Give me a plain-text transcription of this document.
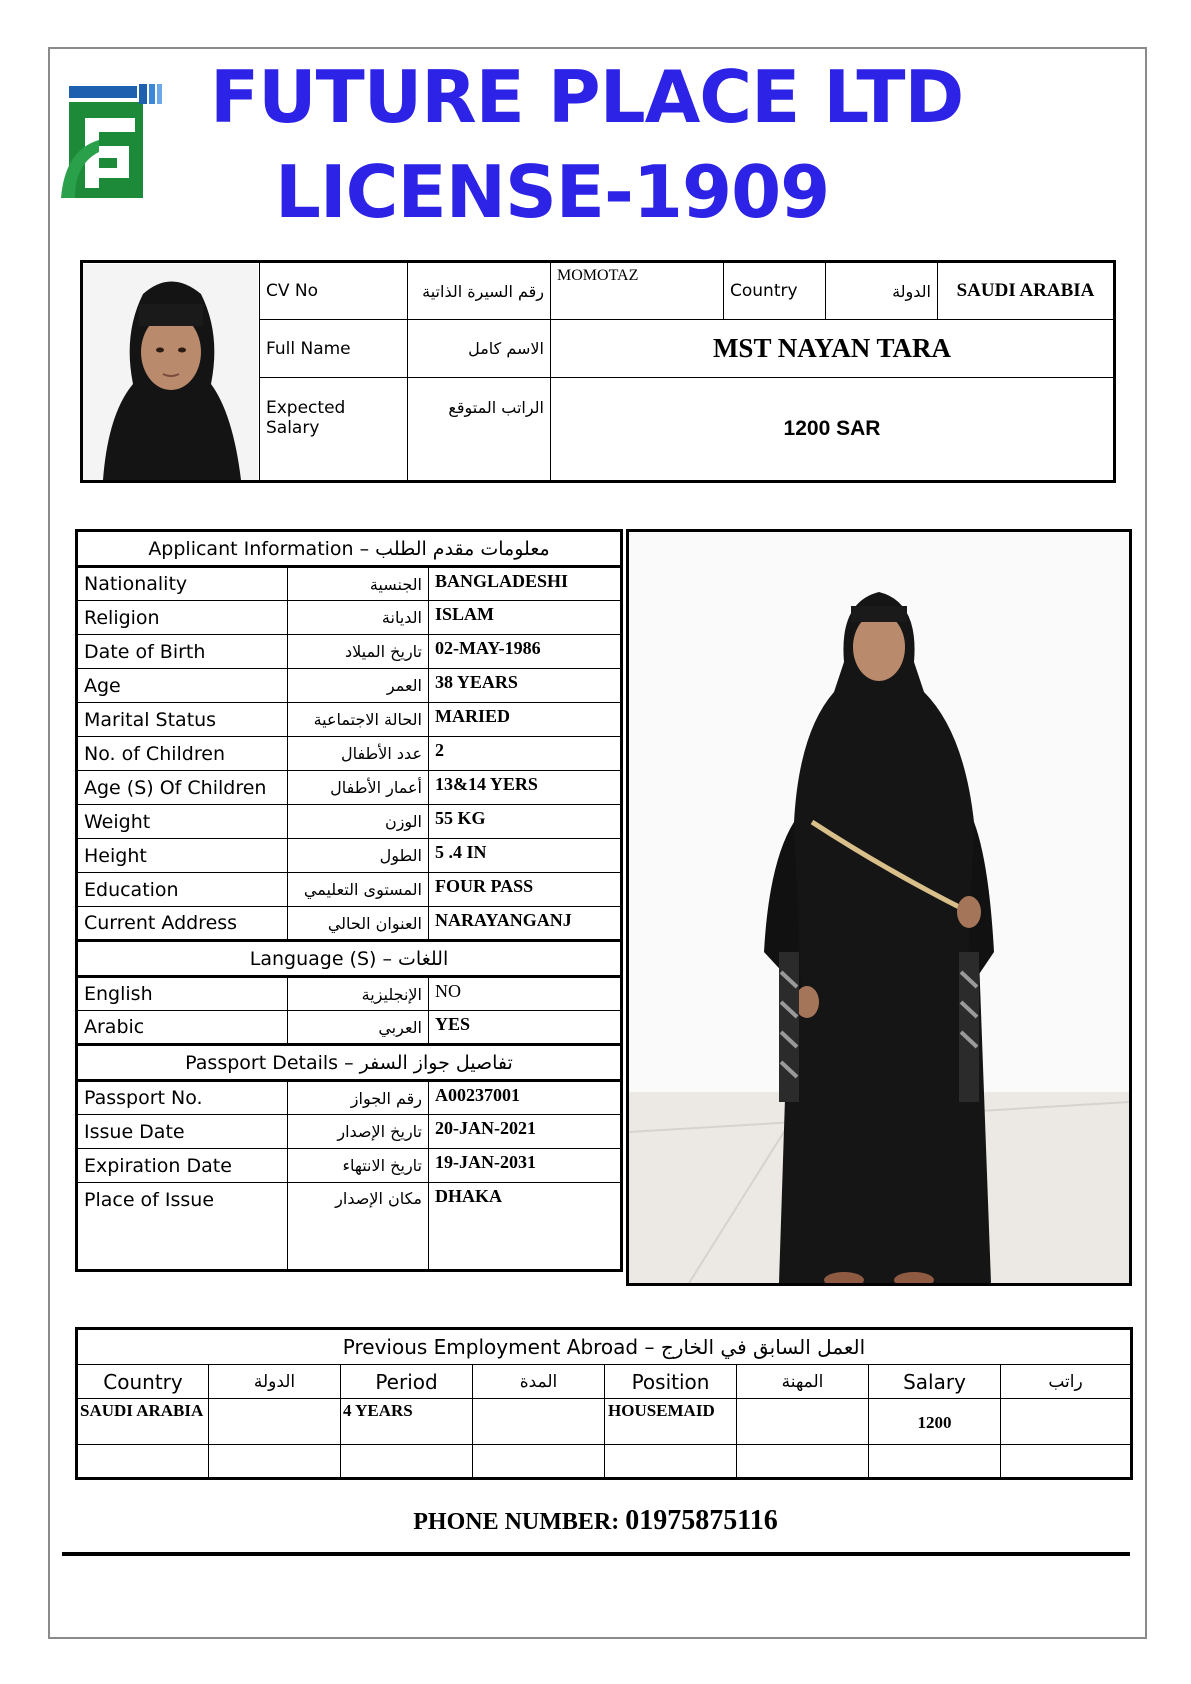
FUTURE PLACE LTD
LICENSE-1909
	CV No	رقم السيرة الذاتية	MOMOTAZ	Country	الدولة	SAUDI ARABIA
	Full Name	الاسم كامل	MST NAYAN TARA			
	Expected Salary	الراتب المتوقع	1200 SAR			
Applicant Information – معلومات مقدم الطلب		
Nationality	الجنسية	BANGLADESHI
Religion	الديانة	ISLAM
Date of Birth	تاريخ الميلاد	02-MAY-1986
Age	العمر	38 YEARS
Marital Status	الحالة الاجتماعية	MARIED
No. of Children	عدد الأطفال	2
Age (S) Of Children	أعمار الأطفال	13&14 YERS
Weight	الوزن	55 KG
Height	الطول	5 .4 IN
Education	المستوى التعليمي	FOUR PASS
Current Address	العنوان الحالي	NARAYANGANJ
Language (S) – اللغات		
English	الإنجليزية	NO
Arabic	العربي	YES
Passport Details – تفاصيل جواز السفر		
Passport No.	رقم الجواز	A00237001
Issue Date	تاريخ الإصدار	20-JAN-2021
Expiration Date	تاريخ الانتهاء	19-JAN-2031
Place of Issue	مكان الإصدار	DHAKA
Previous Employment Abroad – العمل السابق في الخارج							
Country	الدولة	Period	المدة	Position	المهنة	Salary	راتب
SAUDI ARABIA		4 YEARS		HOUSEMAID		1200	

PHONE NUMBER: 01975875116
